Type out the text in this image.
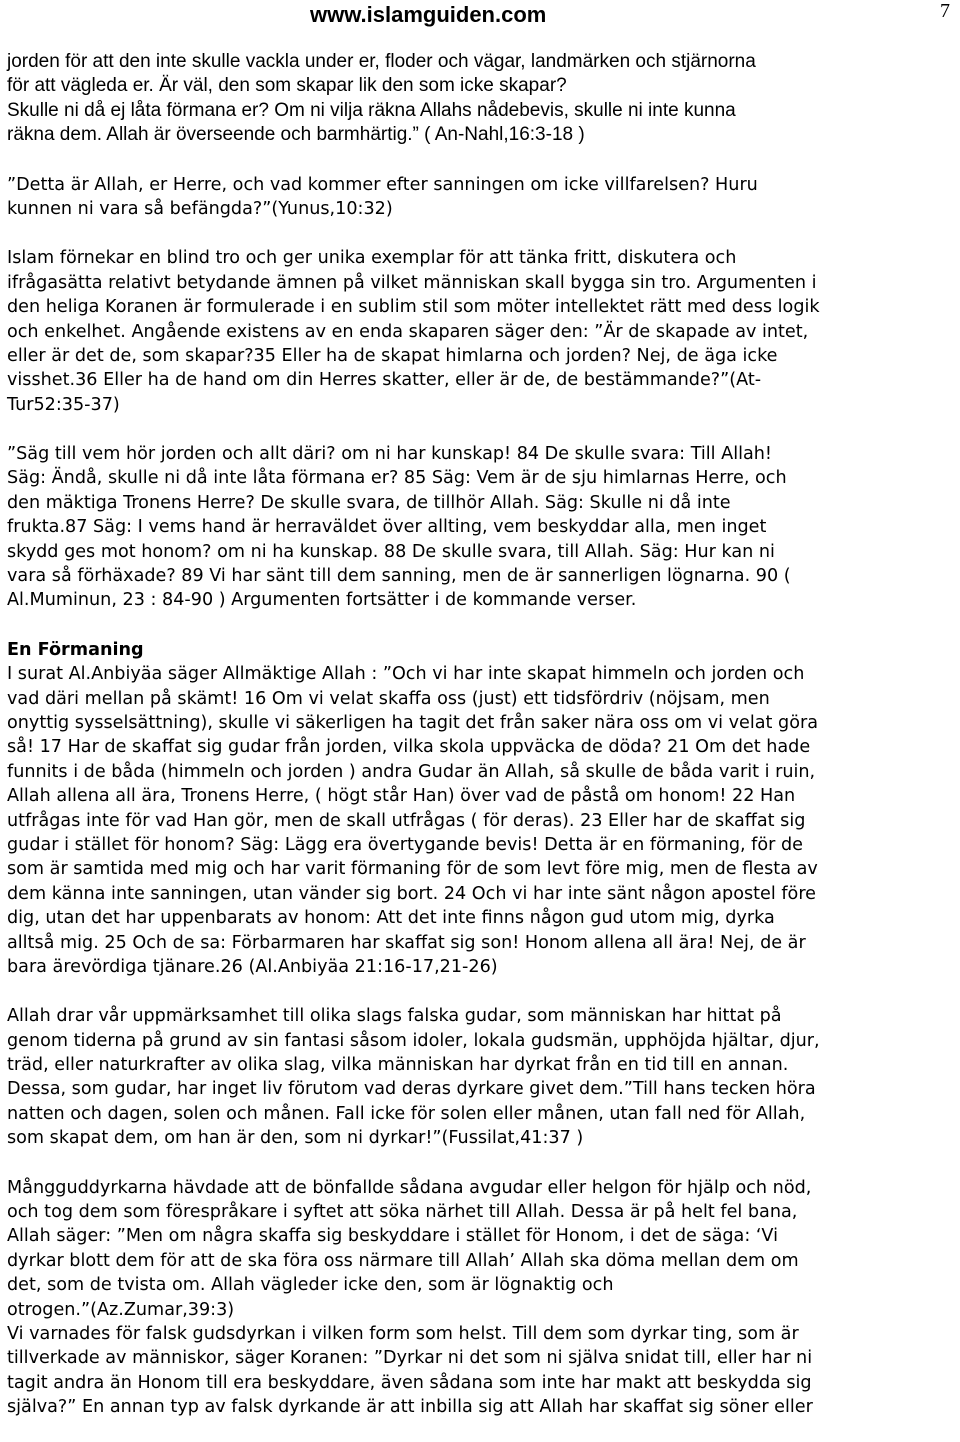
www.islamguiden.com	7
jorden för att den inte skulle vackla under er, floder och vägar, landmärken och stjärnorna
för att vägleda er. Är väl, den som skapar lik den som icke skapar?
Skulle ni då ej låta förmana er? Om ni vilja räkna Allahs nådebevis, skulle ni inte kunna
räkna dem. Allah är överseende och barmhärtig.” ( An-Nahl,16:3-18 )
”Detta är Allah, er Herre, och vad kommer efter sanningen om icke villfarelsen? Huru
kunnen ni vara så befängda?”(Yunus,10:32)
Islam förnekar en blind tro och ger unika exemplar för att tänka fritt, diskutera och
ifrågasätta relativt betydande ämnen på vilket människan skall bygga sin tro. Argumenten i
den heliga Koranen är formulerade i en sublim stil som möter intellektet rätt med dess logik
och enkelhet. Angående existens av en enda skaparen säger den: ”Är de skapade av intet,
eller är det de, som skapar?35 Eller ha de skapat himlarna och jorden? Nej, de äga icke
visshet.36 Eller ha de hand om din Herres skatter, eller är de, de bestämmande?”(At-
Tur52:35-37)
”Säg till vem hör jorden och allt däri? om ni har kunskap! 84 De skulle svara: Till Allah!
Säg: Ändå, skulle ni då inte låta förmana er? 85 Säg: Vem är de sju himlarnas Herre, och
den mäktiga Tronens Herre? De skulle svara, de tillhör Allah. Säg: Skulle ni då inte
frukta.87 Säg: I vems hand är herraväldet över allting, vem beskyddar alla, men inget
skydd ges mot honom? om ni ha kunskap. 88 De skulle svara, till Allah. Säg: Hur kan ni
vara så förhäxade? 89 Vi har sänt till dem sanning, men de är sannerligen lögnarna. 90 (
Al.Muminun, 23 : 84-90 ) Argumenten fortsätter i de kommande verser.
En Förmaning
I surat Al.Anbiyäa säger Allmäktige Allah : ”Och vi har inte skapat himmeln och jorden och
vad däri mellan på skämt! 16 Om vi velat skaffa oss (just) ett tidsfördriv (nöjsam, men
onyttig sysselsättning), skulle vi säkerligen ha tagit det från saker nära oss om vi velat göra
så! 17 Har de skaffat sig gudar från jorden, vilka skola uppväcka de döda? 21 Om det hade
funnits i de båda (himmeln och jorden ) andra Gudar än Allah, så skulle de båda varit i ruin,
Allah allena all ära, Tronens Herre, ( högt står Han) över vad de påstå om honom! 22 Han
utfrågas inte för vad Han gör, men de skall utfrågas ( för deras). 23 Eller har de skaffat sig
gudar i stället för honom? Säg: Lägg era övertygande bevis! Detta är en förmaning, för de
som är samtida med mig och har varit förmaning för de som levt före mig, men de flesta av
dem känna inte sanningen, utan vänder sig bort. 24 Och vi har inte sänt någon apostel före
dig, utan det har uppenbarats av honom: Att det inte finns någon gud utom mig, dyrka
alltså mig. 25 Och de sa: Förbarmaren har skaffat sig son! Honom allena all ära! Nej, de är
bara ärevördiga tjänare.26 (Al.Anbiyäa 21:16-17,21-26)
Allah drar vår uppmärksamhet till olika slags falska gudar, som människan har hittat på
genom tiderna på grund av sin fantasi såsom idoler, lokala gudsmän, upphöjda hjältar, djur,
träd, eller naturkrafter av olika slag, vilka människan har dyrkat från en tid till en annan.
Dessa, som gudar, har inget liv förutom vad deras dyrkare givet dem.”Till hans tecken höra
natten och dagen, solen och månen. Fall icke för solen eller månen, utan fall ned för Allah,
som skapat dem, om han är den, som ni dyrkar!”(Fussilat,41:37 )
Mångguddyrkarna hävdade att de bönfallde sådana avgudar eller helgon för hjälp och nöd,
och tog dem som förespråkare i syftet att söka närhet till Allah. Dessa är på helt fel bana,
Allah säger: ”Men om några skaffa sig beskyddare i stället för Honom, i det de säga: ‘Vi
dyrkar blott dem för att de ska föra oss närmare till Allah’ Allah ska döma mellan dem om
det, som de tvista om. Allah vägleder icke den, som är lögnaktig och
otrogen.”(Az.Zumar,39:3)
Vi varnades för falsk gudsdyrkan i vilken form som helst. Till dem som dyrkar ting, som är
tillverkade av människor, säger Koranen: ”Dyrkar ni det som ni själva snidat till, eller har ni
tagit andra än Honom till era beskyddare, även sådana som inte har makt att beskydda sig
själva?” En annan typ av falsk dyrkande är att inbilla sig att Allah har skaffat sig söner eller
